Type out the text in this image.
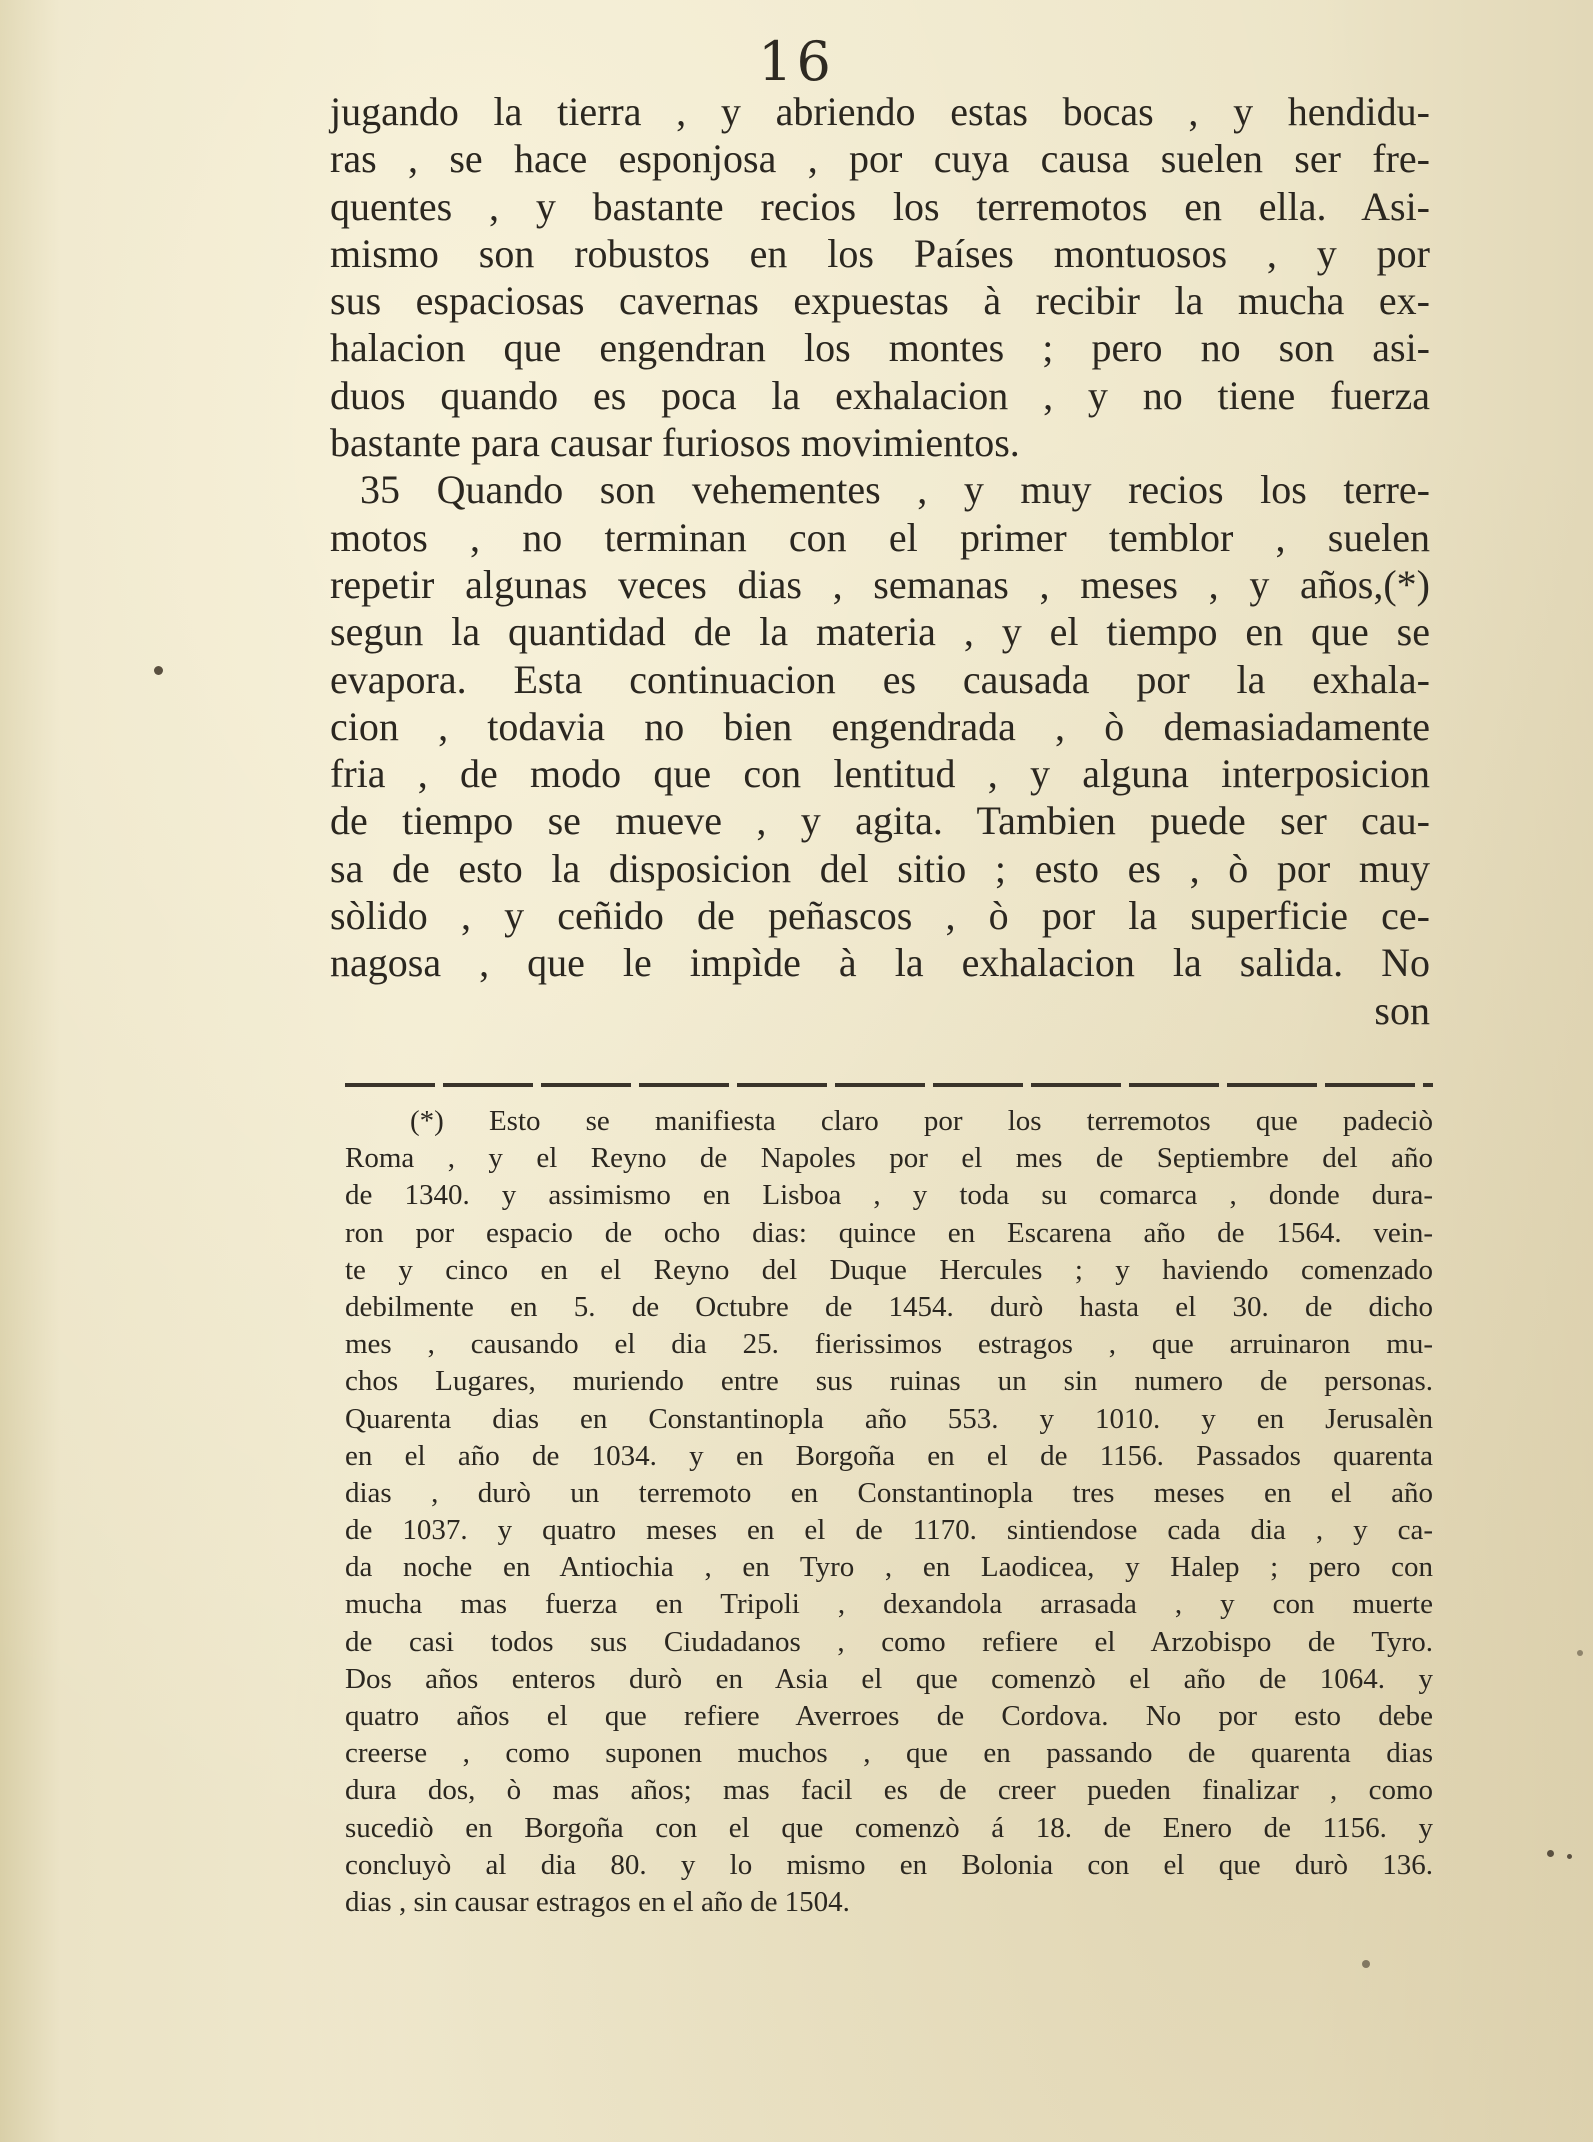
16
jugando la tierra , y abriendo estas bocas , y hendidu-
ras , se hace esponjosa , por cuya causa suelen ser fre-
quentes , y bastante recios los terremotos en ella. Asi-
mismo son robustos en los Países montuosos , y por
sus espaciosas cavernas expuestas à recibir la mucha ex-
halacion que engendran los montes ; pero no son asi-
duos quando es poca la exhalacion , y no tiene fuerza
bastante para causar furiosos movimientos.
35 Quando son vehementes , y muy recios los terre-
motos , no terminan con el primer temblor , suelen
repetir algunas veces dias , semanas , meses , y años,(*)
segun la quantidad de la materia , y el tiempo en que se
evapora. Esta continuacion es causada por la exhala-
cion , todavia no bien engendrada , ò demasiadamente
fria , de modo que con lentitud , y alguna interposicion
de tiempo se mueve , y agita. Tambien puede ser cau-
sa de esto la disposicion del sitio ; esto es , ò por muy
sòlido , y ceñido de peñascos , ò por la superficie ce-
nagosa , que le impìde à la exhalacion la salida. No
son
(*) Esto se manifiesta claro por los terremotos que padeciò
Roma , y el Reyno de Napoles por el mes de Septiembre del año
de 1340. y assimismo en Lisboa , y toda su comarca , donde dura-
ron por espacio de ocho dias: quince en Escarena año de 1564. vein-
te y cinco en el Reyno del Duque Hercules ; y haviendo comenzado
debilmente en 5. de Octubre de 1454. durò hasta el 30. de dicho
mes , causando el dia 25. fierissimos estragos , que arruinaron mu-
chos Lugares, muriendo entre sus ruinas un sin numero de personas.
Quarenta dias en Constantinopla año 553. y 1010. y en Jerusalèn
en el año de 1034. y en Borgoña en el de 1156. Passados quarenta
dias , durò un terremoto en Constantinopla tres meses en el año
de 1037. y quatro meses en el de 1170. sintiendose cada dia , y ca-
da noche en Antiochia , en Tyro , en Laodicea, y Halep ; pero con
mucha mas fuerza en Tripoli , dexandola arrasada , y con muerte
de casi todos sus Ciudadanos , como refiere el Arzobispo de Tyro.
Dos años enteros durò en Asia el que comenzò el año de 1064. y
quatro años el que refiere Averroes de Cordova. No por esto debe
creerse , como suponen muchos , que en passando de quarenta dias
dura dos, ò mas años; mas facil es de creer pueden finalizar , como
sucediò en Borgoña con el que comenzò á 18. de Enero de 1156. y
concluyò al dia 80. y lo mismo en Bolonia con el que durò 136.
dias , sin causar estragos en el año de 1504.
